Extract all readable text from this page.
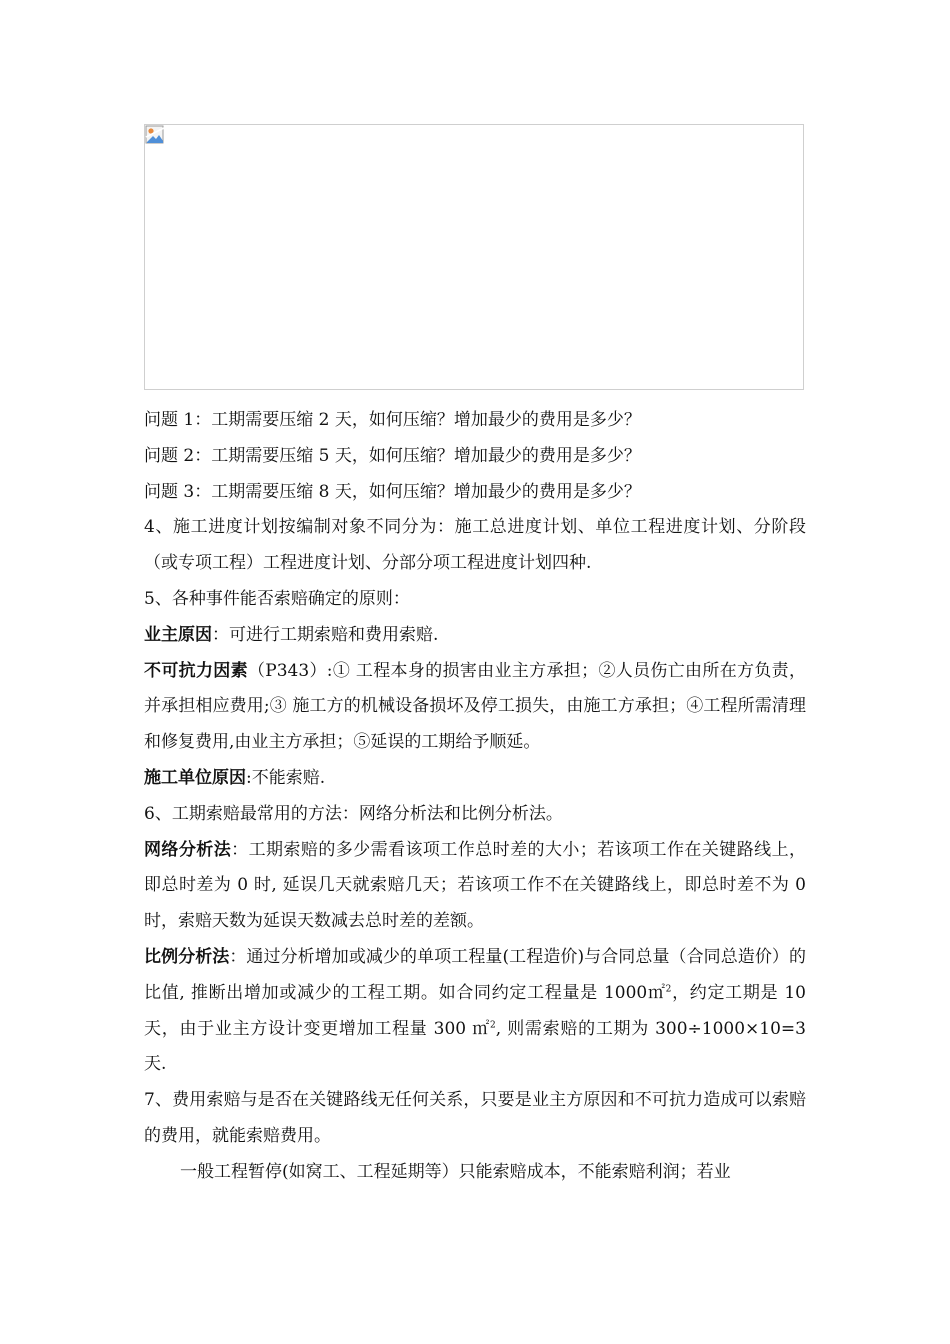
问题 1：工期需要压缩 2 天，如何压缩？增加最少的费用是多少？

问题 2：工期需要压缩 5 天，如何压缩？增加最少的费用是多少？

问题 3：工期需要压缩 8 天，如何压缩？增加最少的费用是多少？

4、施工进度计划按编制对象不同分为：施工总进度计划、单位工程进度计划、分阶段（或专项工程）工程进度计划、分部分项工程进度计划四种.

5、各种事件能否索赔确定的原则：

业主原因：可进行工期索赔和费用索赔.

不可抗力因素（P343）:① 工程本身的损害由业主方承担；②人员伤亡由所在方负责，并承担相应费用;③ 施工方的机械设备损坏及停工损失，由施工方承担；④工程所需清理和修复费用,由业主方承担；⑤延误的工期给予顺延。

施工单位原因:不能索赔.

6、工期索赔最常用的方法：网络分析法和比例分析法。

网络分析法：工期索赔的多少需看该项工作总时差的大小；若该项工作在关键路线上，即总时差为 0 时, 延误几天就索赔几天；若该项工作不在关键路线上，即总时差不为 0 时，索赔天数为延误天数减去总时差的差额。

比例分析法：通过分析增加或减少的单项工程量(工程造价)与合同总量（合同总造价）的比值, 推断出增加或减少的工程工期。如合同约定工程量是 1000㎡$^2$，约定工期是 10 天，由于业主方设计变更增加工程量 300 ㎡$^2$, 则需索赔的工期为 300÷1000×10=3 天.

7、费用索赔与是否在关键路线无任何关系，只要是业主方原因和不可抗力造成可以索赔的费用，就能索赔费用。

一般工程暂停(如窝工、工程延期等）只能索赔成本，不能索赔利润；若业
